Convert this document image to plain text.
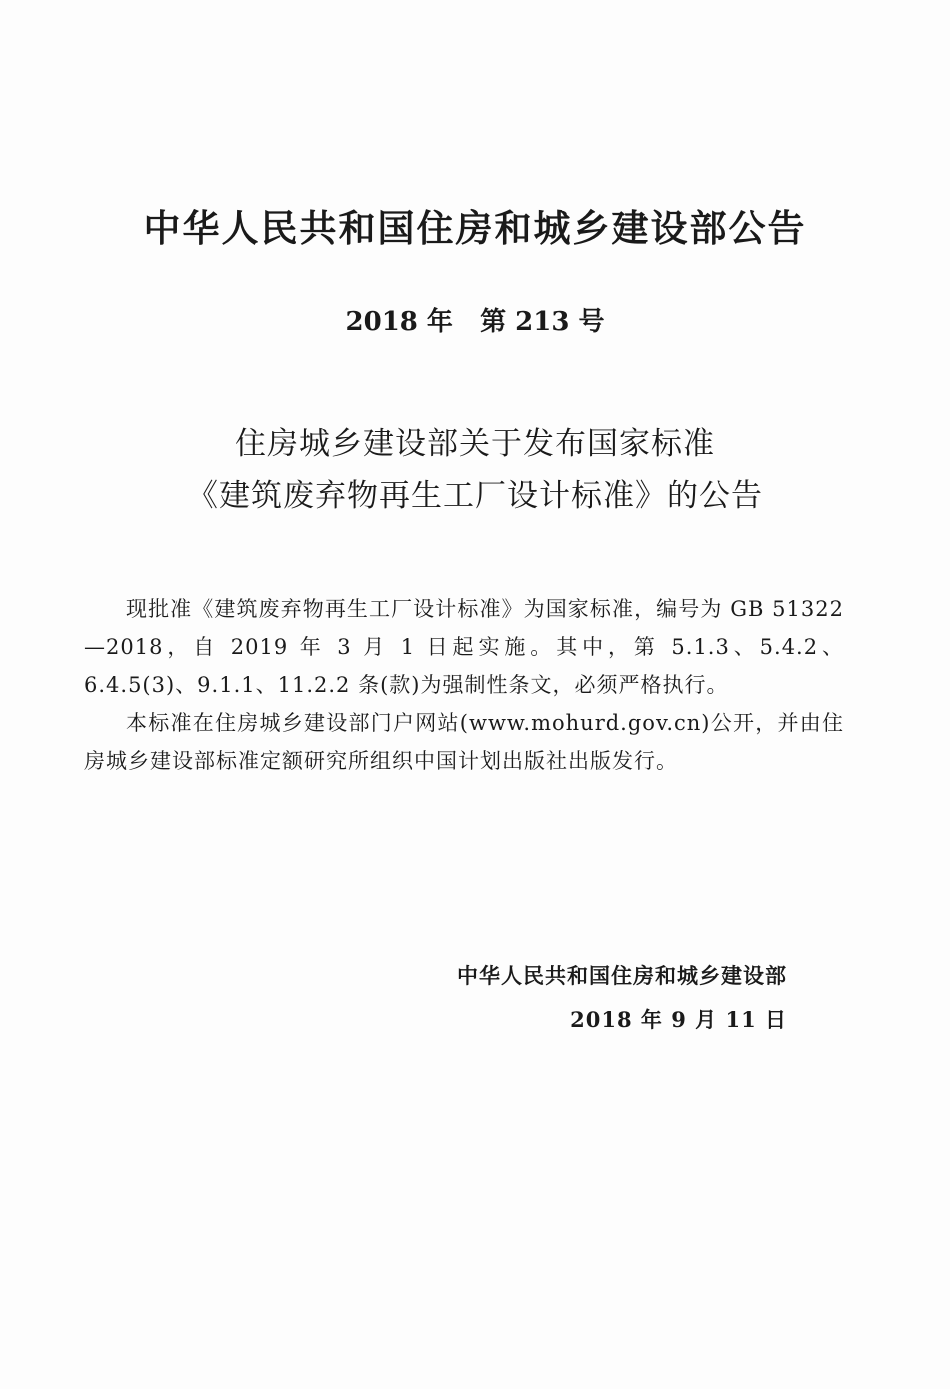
中华人民共和国住房和城乡建设部公告
2018 年   第 213 号
住房城乡建设部关于发布国家标准
《建筑废弃物再生工厂设计标准》的公告

现批准《建筑废弃物再生工厂设计标准》为国家标准，编号为 GB 51322—2018，自 2019 年 3 月 1 日起实施。其中，第 5.1.3、5.4.2、6.4.5(3)、9.1.1、11.2.2 条(款)为强制性条文，必须严格执行。

本标准在住房城乡建设部门户网站(www.mohurd.gov.cn)公开，并由住房城乡建设部标准定额研究所组织中国计划出版社出版发行。

中华人民共和国住房和城乡建设部
2018 年 9 月 11 日
